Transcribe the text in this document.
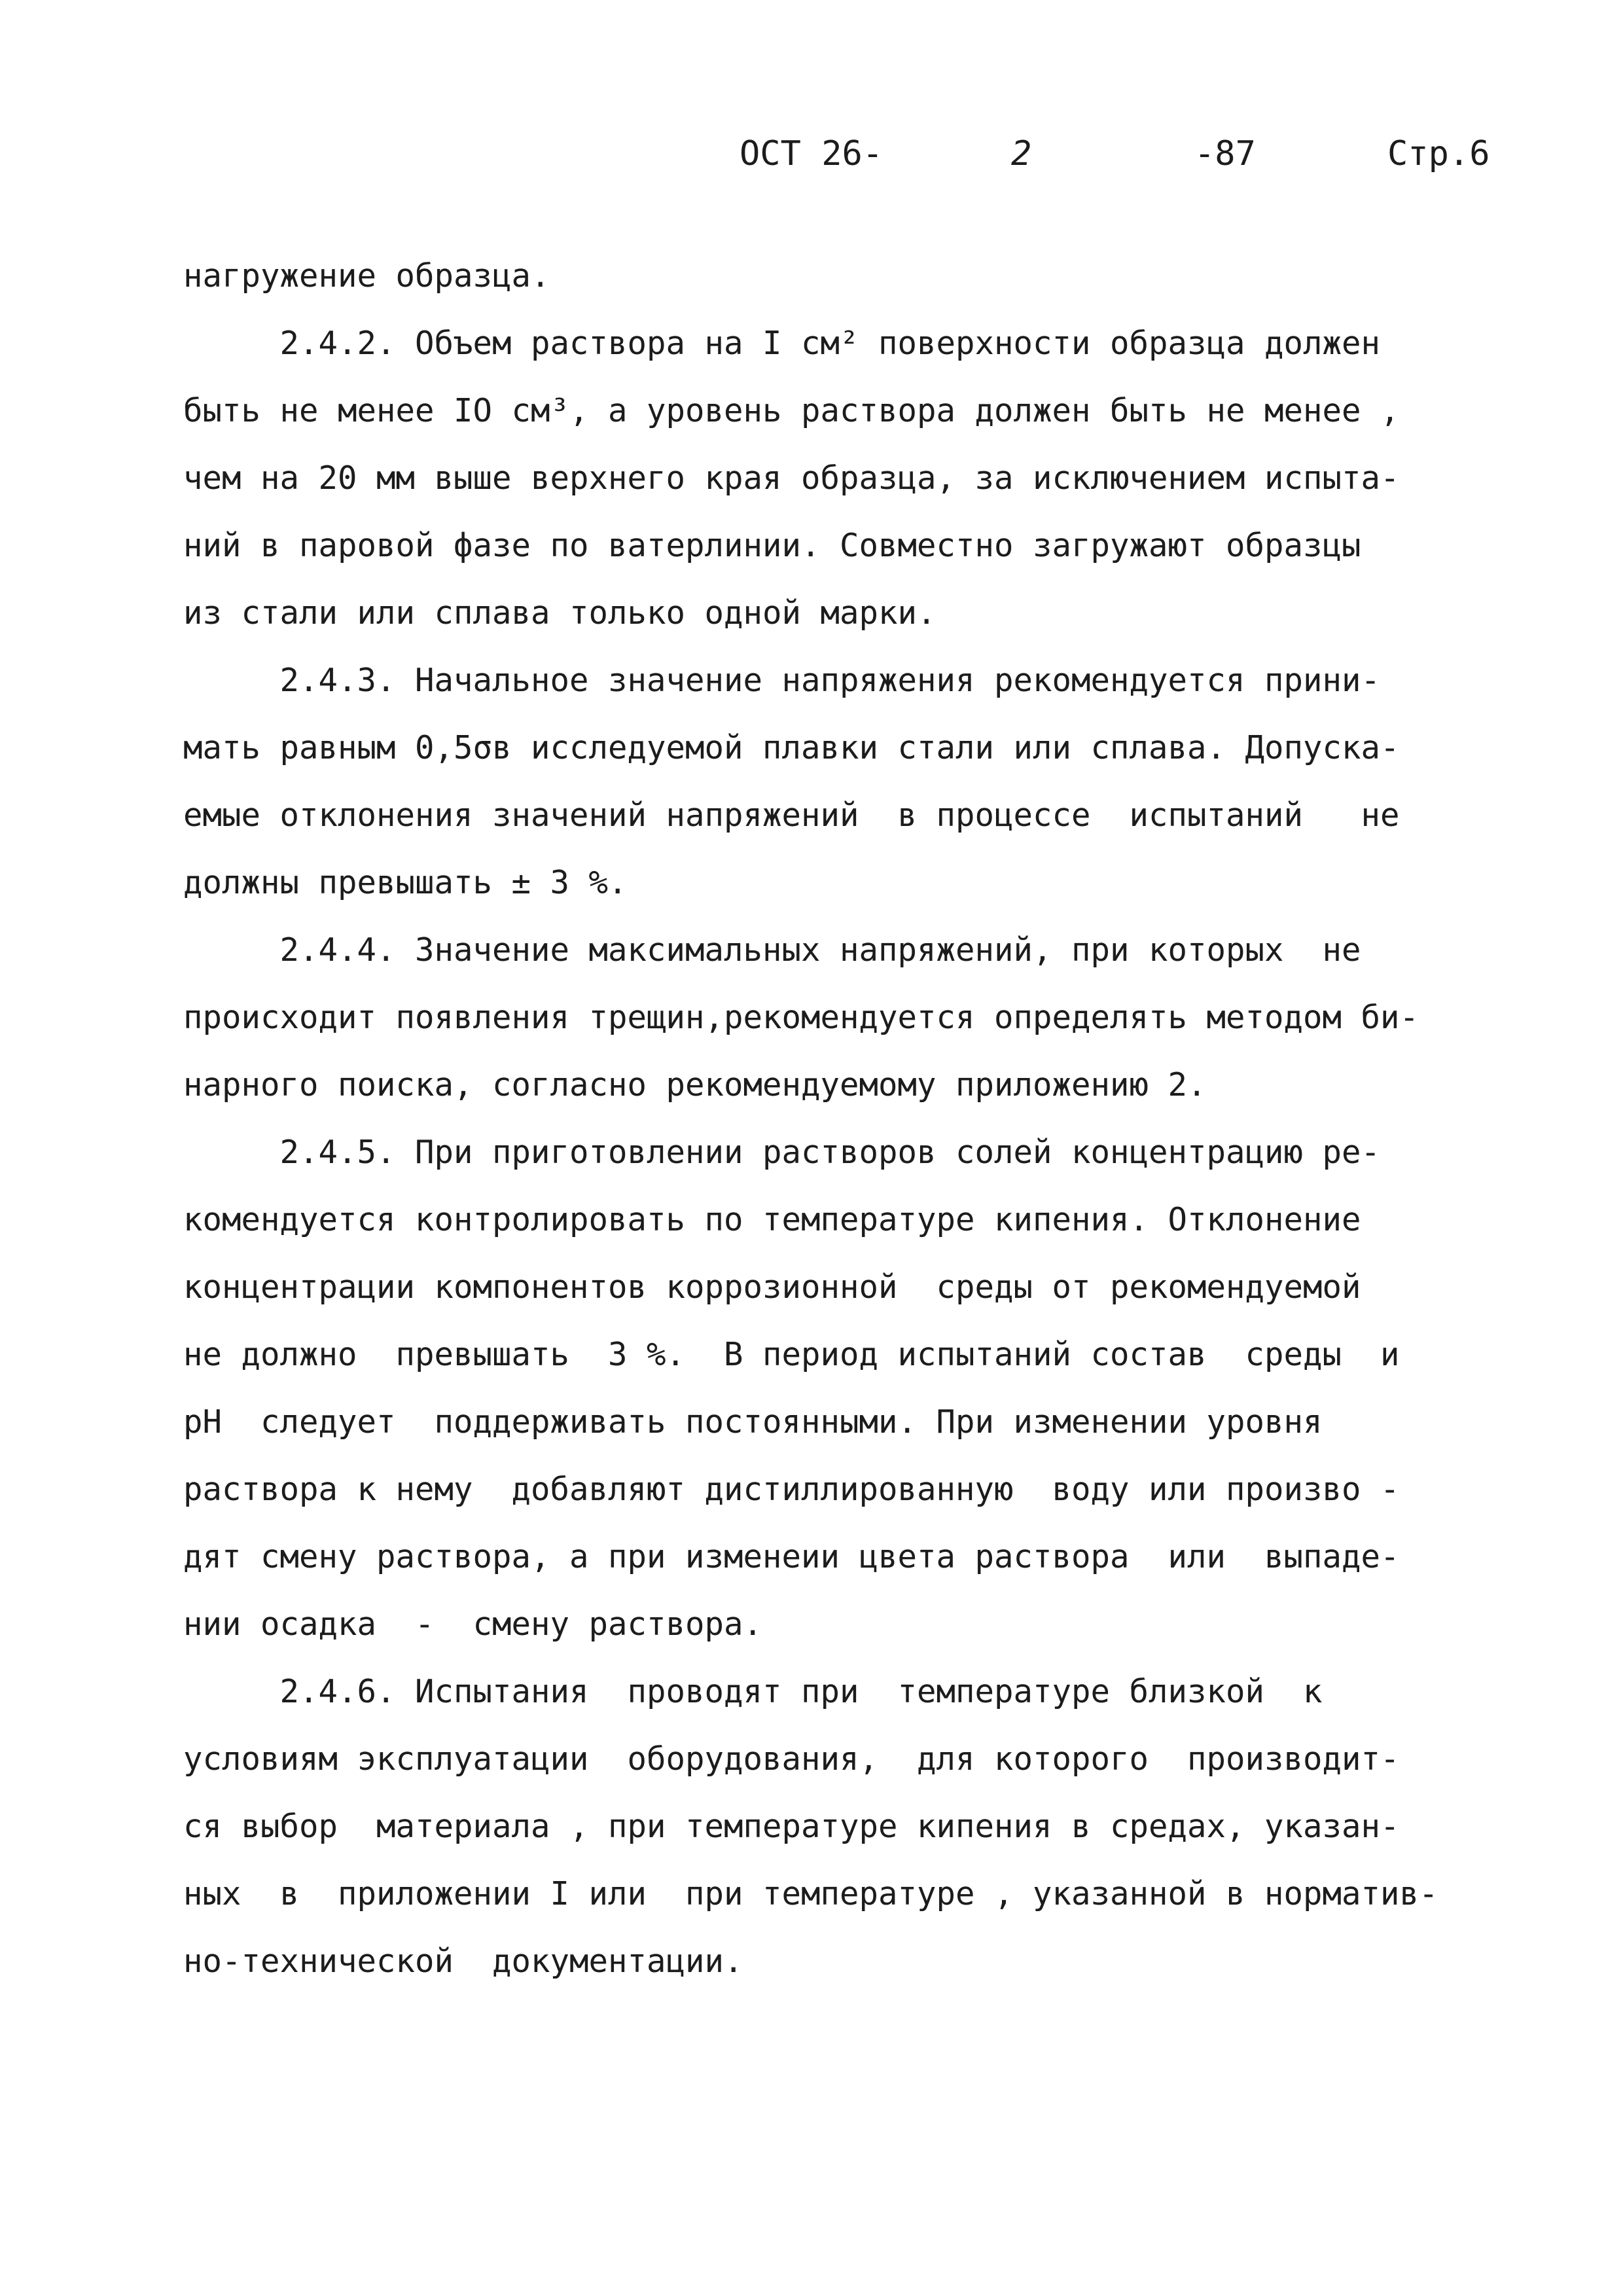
ОСТ 26-	2	-87	Стр.6
нагружение образца.
2.4.2. Объем раствора на I см² поверхности образца должен
быть не менее IO см³, а уровень раствора должен быть не менее ,
чем на 20 мм выше верхнего края образца, за исключением испыта-
ний в паровой фазе по ватерлинии. Совместно загружают образцы
из стали или сплава только одной марки.
2.4.3. Начальное значение напряжения рекомендуется прини-
мать равным 0,5σв исследуемой плавки стали или сплава. Допуска-
емые отклонения значений напряжений  в процессе  испытаний   не
должны превышать ± 3 %.
2.4.4. Значение максимальных напряжений, при которых  не
происходит появления трещин,рекомендуется определять методом би-
нарного поиска, согласно рекомендуемому приложению 2.
2.4.5. При приготовлении растворов солей концентрацию ре-
комендуется контролировать по температуре кипения. Отклонение
концентрации компонентов коррозионной  среды от рекомендуемой
не должно  превышать  3 %.  В период испытаний состав  среды  и
рН  следует  поддерживать постоянными. При изменении уровня
раствора к нему  добавляют дистиллированную  воду или произво -
дят смену раствора, а при изменеии цвета раствора  или  выпаде-
нии осадка  -  смену раствора.
2.4.6. Испытания  проводят при  температуре близкой  к
условиям эксплуатации  оборудования,  для которого  производит-
ся выбор  материала , при температуре кипения в средах, указан-
ных  в  приложении I или  при температуре , указанной в норматив-
но-технической  документации.
